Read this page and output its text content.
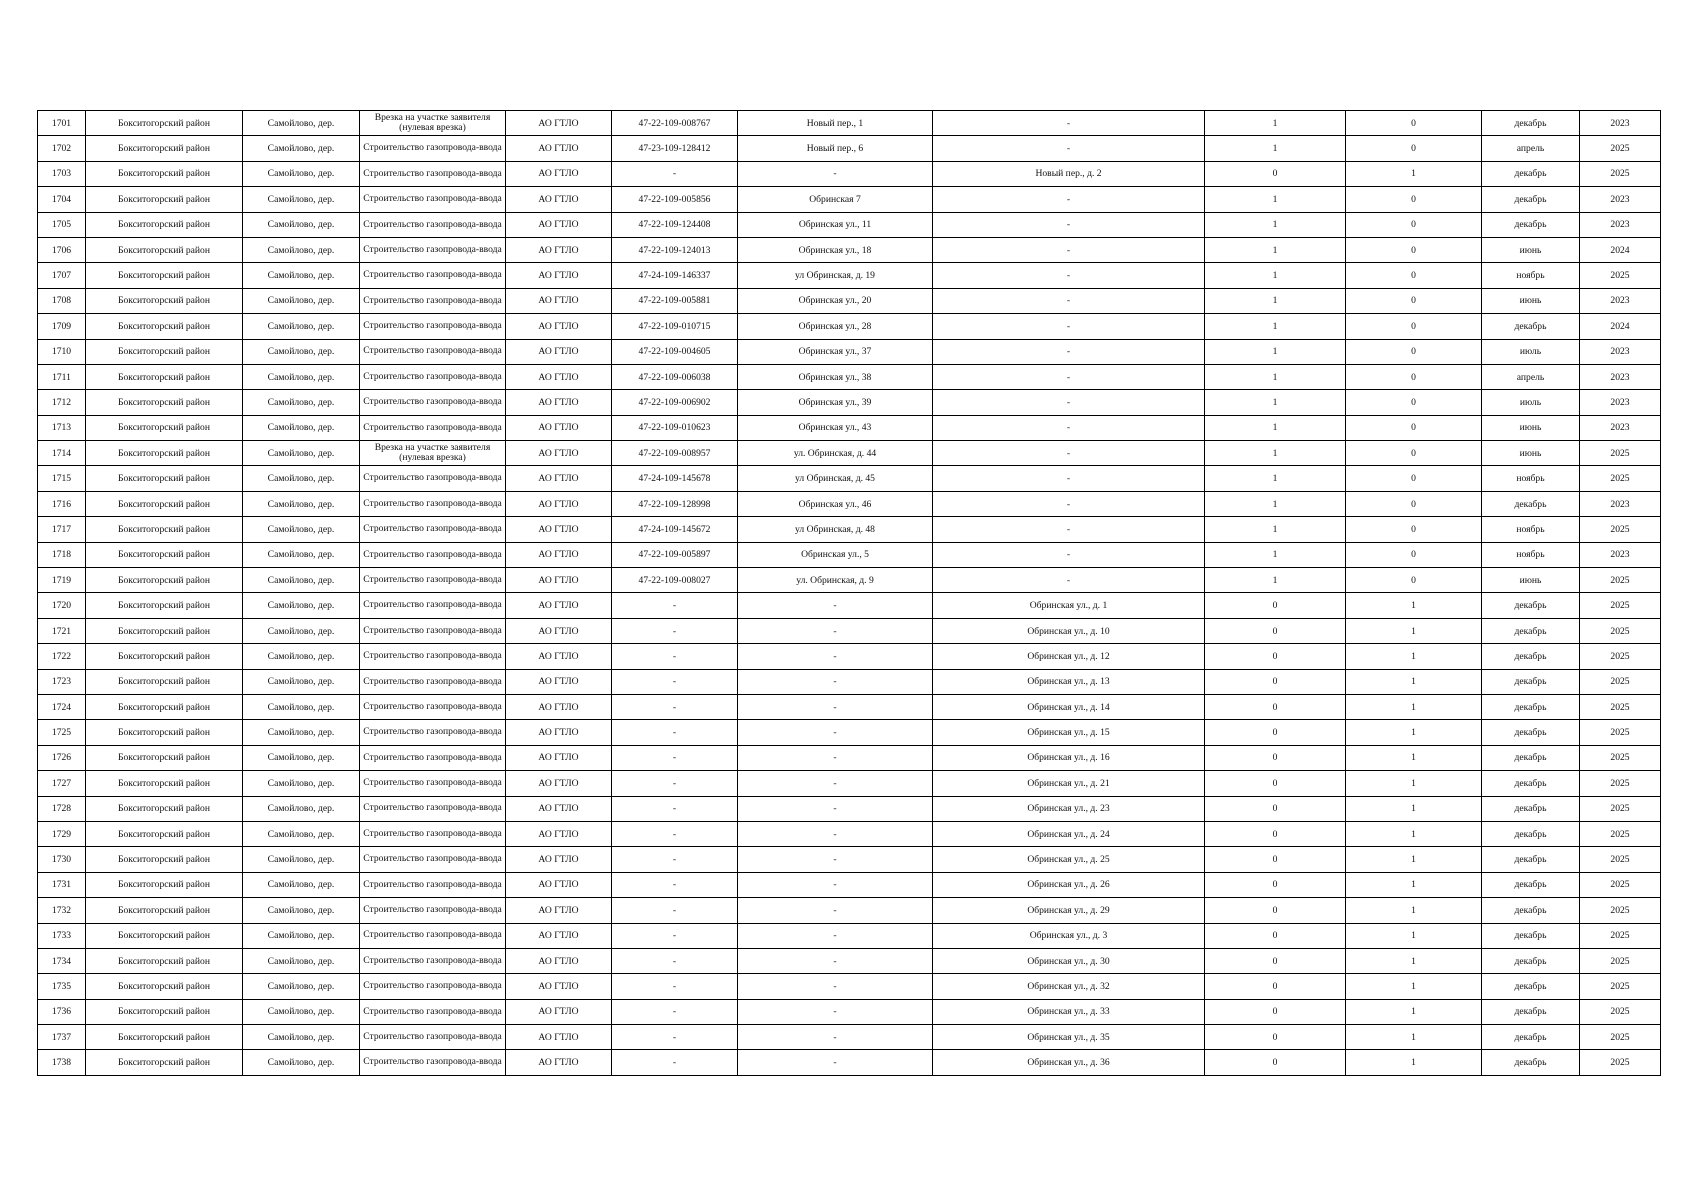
1701	Бокситогорский район	Самойлово, дер.	Врезка на участке заявителя (нулевая врезка)	АО ГТЛО	47-22-109-008767	Новый пер., 1	-	1	0	декабрь	2023
1702	Бокситогорский район	Самойлово, дер.	Строительство газопровода-ввода	АО ГТЛО	47-23-109-128412	Новый пер., 6	-	1	0	апрель	2025
1703	Бокситогорский район	Самойлово, дер.	Строительство газопровода-ввода	АО ГТЛО	-	-	Новый пер., д. 2	0	1	декабрь	2025
1704	Бокситогорский район	Самойлово, дер.	Строительство газопровода-ввода	АО ГТЛО	47-22-109-005856	Обринская 7	-	1	0	декабрь	2023
1705	Бокситогорский район	Самойлово, дер.	Строительство газопровода-ввода	АО ГТЛО	47-22-109-124408	Обринская ул., 11	-	1	0	декабрь	2023
1706	Бокситогорский район	Самойлово, дер.	Строительство газопровода-ввода	АО ГТЛО	47-22-109-124013	Обринская ул., 18	-	1	0	июнь	2024
1707	Бокситогорский район	Самойлово, дер.	Строительство газопровода-ввода	АО ГТЛО	47-24-109-146337	ул Обринская, д. 19	-	1	0	ноябрь	2025
1708	Бокситогорский район	Самойлово, дер.	Строительство газопровода-ввода	АО ГТЛО	47-22-109-005881	Обринская ул., 20	-	1	0	июнь	2023
1709	Бокситогорский район	Самойлово, дер.	Строительство газопровода-ввода	АО ГТЛО	47-22-109-010715	Обринская ул., 28	-	1	0	декабрь	2024
1710	Бокситогорский район	Самойлово, дер.	Строительство газопровода-ввода	АО ГТЛО	47-22-109-004605	Обринская ул., 37	-	1	0	июль	2023
1711	Бокситогорский район	Самойлово, дер.	Строительство газопровода-ввода	АО ГТЛО	47-22-109-006038	Обринская ул., 38	-	1	0	апрель	2023
1712	Бокситогорский район	Самойлово, дер.	Строительство газопровода-ввода	АО ГТЛО	47-22-109-006902	Обринская ул., 39	-	1	0	июль	2023
1713	Бокситогорский район	Самойлово, дер.	Строительство газопровода-ввода	АО ГТЛО	47-22-109-010623	Обринская ул., 43	-	1	0	июнь	2023
1714	Бокситогорский район	Самойлово, дер.	Врезка на участке заявителя (нулевая врезка)	АО ГТЛО	47-22-109-008957	ул. Обринская, д. 44	-	1	0	июнь	2025
1715	Бокситогорский район	Самойлово, дер.	Строительство газопровода-ввода	АО ГТЛО	47-24-109-145678	ул Обринская, д. 45	-	1	0	ноябрь	2025
1716	Бокситогорский район	Самойлово, дер.	Строительство газопровода-ввода	АО ГТЛО	47-22-109-128998	Обринская ул., 46	-	1	0	декабрь	2023
1717	Бокситогорский район	Самойлово, дер.	Строительство газопровода-ввода	АО ГТЛО	47-24-109-145672	ул Обринская, д. 48	-	1	0	ноябрь	2025
1718	Бокситогорский район	Самойлово, дер.	Строительство газопровода-ввода	АО ГТЛО	47-22-109-005897	Обринская ул., 5	-	1	0	ноябрь	2023
1719	Бокситогорский район	Самойлово, дер.	Строительство газопровода-ввода	АО ГТЛО	47-22-109-008027	ул. Обринская, д. 9	-	1	0	июнь	2025
1720	Бокситогорский район	Самойлово, дер.	Строительство газопровода-ввода	АО ГТЛО	-	-	Обринская ул., д. 1	0	1	декабрь	2025
1721	Бокситогорский район	Самойлово, дер.	Строительство газопровода-ввода	АО ГТЛО	-	-	Обринская ул., д. 10	0	1	декабрь	2025
1722	Бокситогорский район	Самойлово, дер.	Строительство газопровода-ввода	АО ГТЛО	-	-	Обринская ул., д. 12	0	1	декабрь	2025
1723	Бокситогорский район	Самойлово, дер.	Строительство газопровода-ввода	АО ГТЛО	-	-	Обринская ул., д. 13	0	1	декабрь	2025
1724	Бокситогорский район	Самойлово, дер.	Строительство газопровода-ввода	АО ГТЛО	-	-	Обринская ул., д. 14	0	1	декабрь	2025
1725	Бокситогорский район	Самойлово, дер.	Строительство газопровода-ввода	АО ГТЛО	-	-	Обринская ул., д. 15	0	1	декабрь	2025
1726	Бокситогорский район	Самойлово, дер.	Строительство газопровода-ввода	АО ГТЛО	-	-	Обринская ул., д. 16	0	1	декабрь	2025
1727	Бокситогорский район	Самойлово, дер.	Строительство газопровода-ввода	АО ГТЛО	-	-	Обринская ул., д. 21	0	1	декабрь	2025
1728	Бокситогорский район	Самойлово, дер.	Строительство газопровода-ввода	АО ГТЛО	-	-	Обринская ул., д. 23	0	1	декабрь	2025
1729	Бокситогорский район	Самойлово, дер.	Строительство газопровода-ввода	АО ГТЛО	-	-	Обринская ул., д. 24	0	1	декабрь	2025
1730	Бокситогорский район	Самойлово, дер.	Строительство газопровода-ввода	АО ГТЛО	-	-	Обринская ул., д. 25	0	1	декабрь	2025
1731	Бокситогорский район	Самойлово, дер.	Строительство газопровода-ввода	АО ГТЛО	-	-	Обринская ул., д. 26	0	1	декабрь	2025
1732	Бокситогорский район	Самойлово, дер.	Строительство газопровода-ввода	АО ГТЛО	-	-	Обринская ул., д. 29	0	1	декабрь	2025
1733	Бокситогорский район	Самойлово, дер.	Строительство газопровода-ввода	АО ГТЛО	-	-	Обринская ул., д. 3	0	1	декабрь	2025
1734	Бокситогорский район	Самойлово, дер.	Строительство газопровода-ввода	АО ГТЛО	-	-	Обринская ул., д. 30	0	1	декабрь	2025
1735	Бокситогорский район	Самойлово, дер.	Строительство газопровода-ввода	АО ГТЛО	-	-	Обринская ул., д. 32	0	1	декабрь	2025
1736	Бокситогорский район	Самойлово, дер.	Строительство газопровода-ввода	АО ГТЛО	-	-	Обринская ул., д. 33	0	1	декабрь	2025
1737	Бокситогорский район	Самойлово, дер.	Строительство газопровода-ввода	АО ГТЛО	-	-	Обринская ул., д. 35	0	1	декабрь	2025
1738	Бокситогорский район	Самойлово, дер.	Строительство газопровода-ввода	АО ГТЛО	-	-	Обринская ул., д. 36	0	1	декабрь	2025
